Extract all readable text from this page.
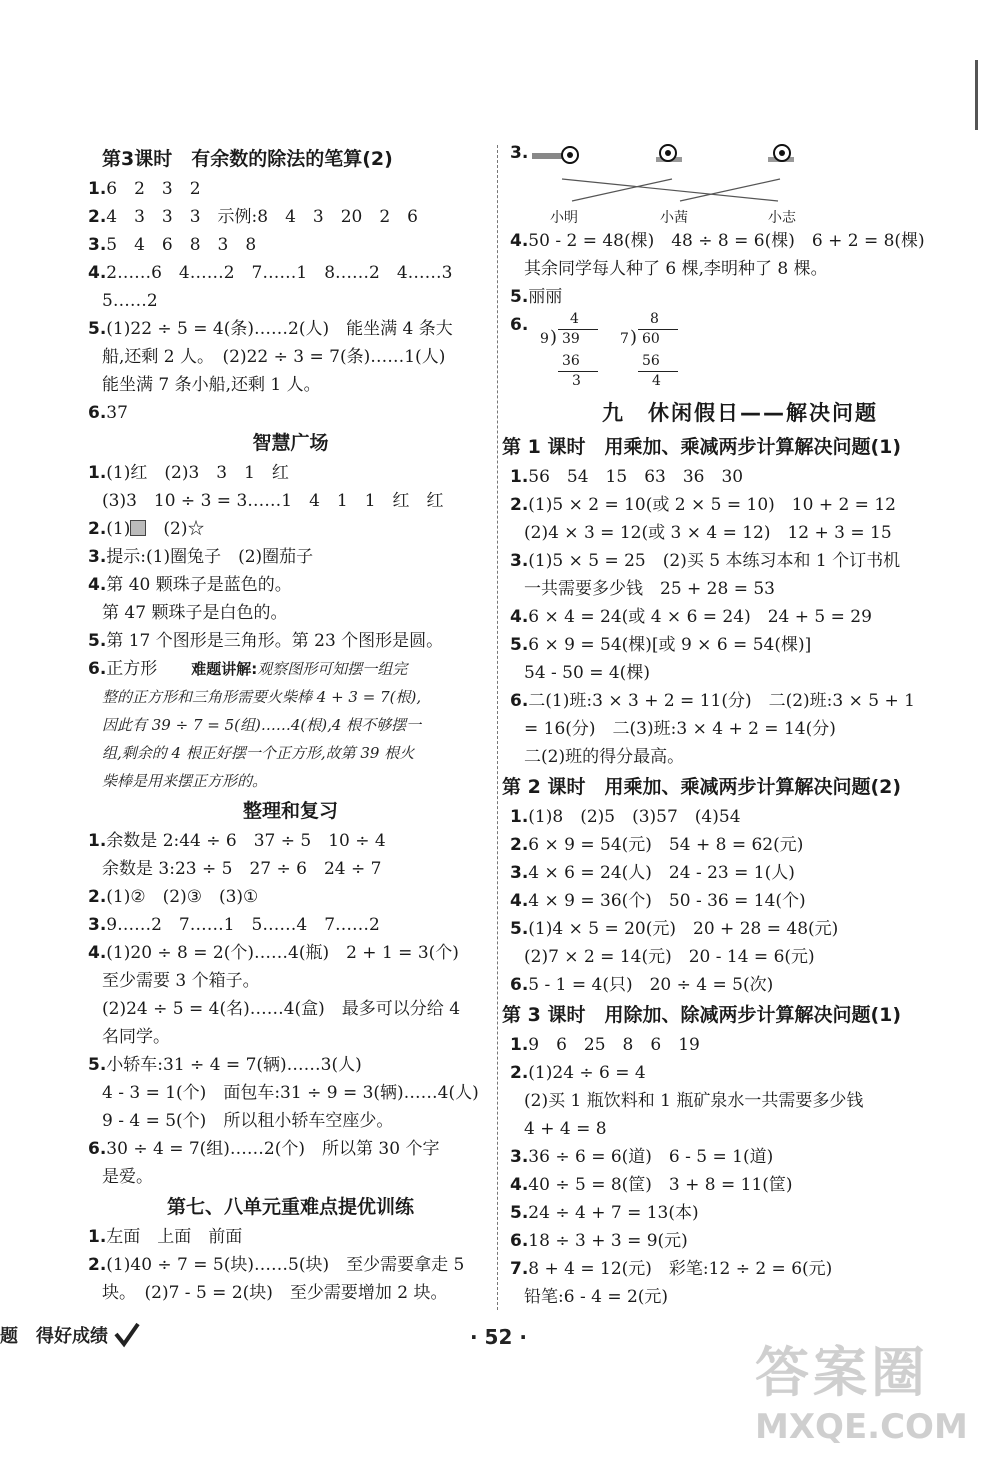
第3课时　有余数的除法的笔算(2)
1.6　2　3　2
2.4　3　3　3　示例:8　4　3　20　2　6
3.5　4　6　8　3　8
4.2……6　4……2　7……1　8……2　4……3
5……2
5.(1)22 ÷ 5 = 4(条)……2(人)　能坐满 4 条大
船,还剩 2 人。　(2)22 ÷ 3 = 7(条)……1(人)
能坐满 7 条小船,还剩 1 人。
6.37
智慧广场
1.(1)红　(2)3　3　1　红
(3)3　10 ÷ 3 = 3……1　4　1　1　红　红
2.(1)　 (2)☆
3.提示:(1)圈兔子　(2)圈茄子
4.第 40 颗珠子是蓝色的。
第 47 颗珠子是白色的。
5.第 17 个图形是三角形。第 23 个图形是圆。
6.正方形　　 难题讲解:观察图形可知摆一组完
整的正方形和三角形需要火柴棒 4 + 3 = 7(根),
因此有 39 ÷ 7 = 5(组)……4(根),4 根不够摆一
组,剩余的 4 根正好摆一个正方形,故第 39 根火
柴棒是用来摆正方形的。
整理和复习
1.余数是 2:44 ÷ 6　37 ÷ 5　10 ÷ 4
余数是 3:23 ÷ 5　27 ÷ 6　24 ÷ 7
2.(1)②　(2)③　(3)①
3.9……2　7……1　5……4　7……2
4.(1)20 ÷ 8 = 2(个)……4(瓶)　2 + 1 = 3(个)
至少需要 3 个箱子。
(2)24 ÷ 5 = 4(名)……4(盒)　最多可以分给 4
名同学。
5.小轿车:31 ÷ 4 = 7(辆)……3(人)
4 - 3 = 1(个)　面包车:31 ÷ 9 = 3(辆)……4(人)
9 - 4 = 5(个)　所以租小轿车空座少。
6.30 ÷ 4 = 7(组)……2(个)　所以第 30 个字
是爱。
第七、八单元重难点提优训练
1.左面　上面　前面
2.(1)40 ÷ 7 = 5(块)……5(块)　至少需要拿走 5
块。　(2)7 - 5 = 2(块)　至少需要增加 2 块。
3.
小明	小茜	小志
4.50 - 2 = 48(棵)　48 ÷ 8 = 6(棵)　6 + 2 = 8(棵)
其余同学每人种了 6 棵,李明种了 8 棵。
5.丽丽
6.	4
9 ) 39
36
3
8
7 ) 60
56
4
九　休闲假日——解决问题
第 1 课时　用乘加、乘减两步计算解决问题(1)
1.56　54　15　63　36　30
2.(1)5 × 2 = 10(或 2 × 5 = 10)　10 + 2 = 12
(2)4 × 3 = 12(或 3 × 4 = 12)　12 + 3 = 15
3.(1)5 × 5 = 25　(2)买 5 本练习本和 1 个订书机
一共需要多少钱　25 + 28 = 53
4.6 × 4 = 24(或 4 × 6 = 24)　24 + 5 = 29
5.6 × 9 = 54(棵)[或 9 × 6 = 54(棵)]
54 - 50 = 4(棵)
6.二(1)班:3 × 3 + 2 = 11(分)　二(2)班:3 × 5 + 1
= 16(分)　二(3)班:3 × 4 + 2 = 14(分)
二(2)班的得分最高。
第 2 课时　用乘加、乘减两步计算解决问题(2)
1.(1)8　(2)5　(3)57　(4)54
2.6 × 9 = 54(元)　54 + 8 = 62(元)
3.4 × 6 = 24(人)　24 - 23 = 1(人)
4.4 × 9 = 36(个)　50 - 36 = 14(个)
5.(1)4 × 5 = 20(元)　20 + 28 = 48(元)
(2)7 × 2 = 14(元)　20 - 14 = 6(元)
6.5 - 1 = 4(只)　20 ÷ 4 = 5(次)
第 3 课时　用除加、除减两步计算解决问题(1)
1.9　6　25　8　6　19
2.(1)24 ÷ 6 = 4
(2)买 1 瓶饮料和 1 瓶矿泉水一共需要多少钱
4 + 4 = 8
3.36 ÷ 6 = 6(道)　6 - 5 = 1(道)
4.40 ÷ 5 = 8(筐)　3 + 8 = 11(筐)
5.24 ÷ 4 + 7 = 13(本)
6.18 ÷ 3 + 3 = 9(元)
7.8 + 4 = 12(元)　彩笔:12 ÷ 2 = 6(元)
铅笔:6 - 4 = 2(元)
题　得好成绩	· 52 ·
答案圈
MXQE.COM
